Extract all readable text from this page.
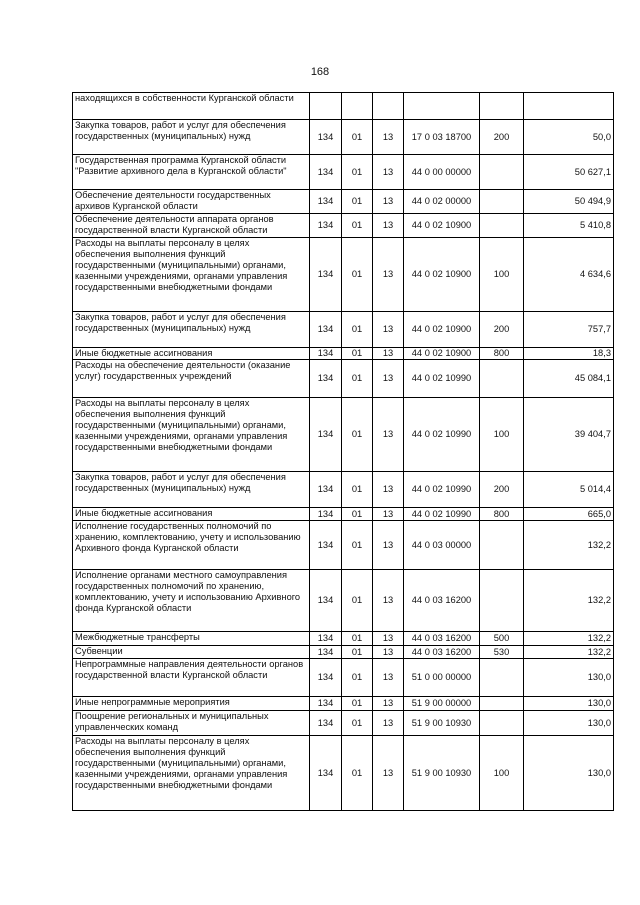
168
находящихся в собственности Курганской области						
Закупка товаров, работ и услуг для обеспечения государственных (муниципальных) нужд	134	01	13	17 0 03 18700	200	50,0
Государственная программа Курганской области "Развитие архивного дела в Курганской области"	134	01	13	44 0 00 00000		50 627,1
Обеспечение деятельности государственных архивов Курганской области	134	01	13	44 0 02 00000		50 494,9
Обеспечение деятельности аппарата органов государственной власти Курганской области	134	01	13	44 0 02 10900		5 410,8
Расходы на выплаты персоналу в целях обеспечения выполнения функций государственными (муниципальными) органами, казенными учреждениями, органами управления государственными внебюджетными фондами	134	01	13	44 0 02 10900	100	4 634,6
Закупка товаров, работ и услуг для обеспечения государственных (муниципальных) нужд	134	01	13	44 0 02 10900	200	757,7
Иные бюджетные ассигнования	134	01	13	44 0 02 10900	800	18,3
Расходы на обеспечение деятельности (оказание услуг) государственных учреждений	134	01	13	44 0 02 10990		45 084,1
Расходы на выплаты персоналу в целях обеспечения выполнения функций государственными (муниципальными) органами, казенными учреждениями, органами управления государственными внебюджетными фондами	134	01	13	44 0 02 10990	100	39 404,7
Закупка товаров, работ и услуг для обеспечения государственных (муниципальных) нужд	134	01	13	44 0 02 10990	200	5 014,4
Иные бюджетные ассигнования	134	01	13	44 0 02 10990	800	665,0
Исполнение государственных полномочий по хранению, комплектованию, учету и использованию Архивного фонда Курганской области	134	01	13	44 0 03 00000		132,2
Исполнение органами местного самоуправления государственных полномочий по хранению, комплектованию, учету и использованию Архивного фонда Курганской области	134	01	13	44 0 03 16200		132,2
Межбюджетные трансферты	134	01	13	44 0 03 16200	500	132,2
Субвенции	134	01	13	44 0 03 16200	530	132,2
Непрограммные направления деятельности органов государственной власти Курганской области	134	01	13	51 0 00 00000		130,0
Иные непрограммные мероприятия	134	01	13	51 9 00 00000		130,0
Поощрение региональных и муниципальных управленческих команд	134	01	13	51 9 00 10930		130,0
Расходы на выплаты персоналу в целях обеспечения выполнения функций государственными (муниципальными) органами, казенными учреждениями, органами управления государственными внебюджетными фондами	134	01	13	51 9 00 10930	100	130,0
